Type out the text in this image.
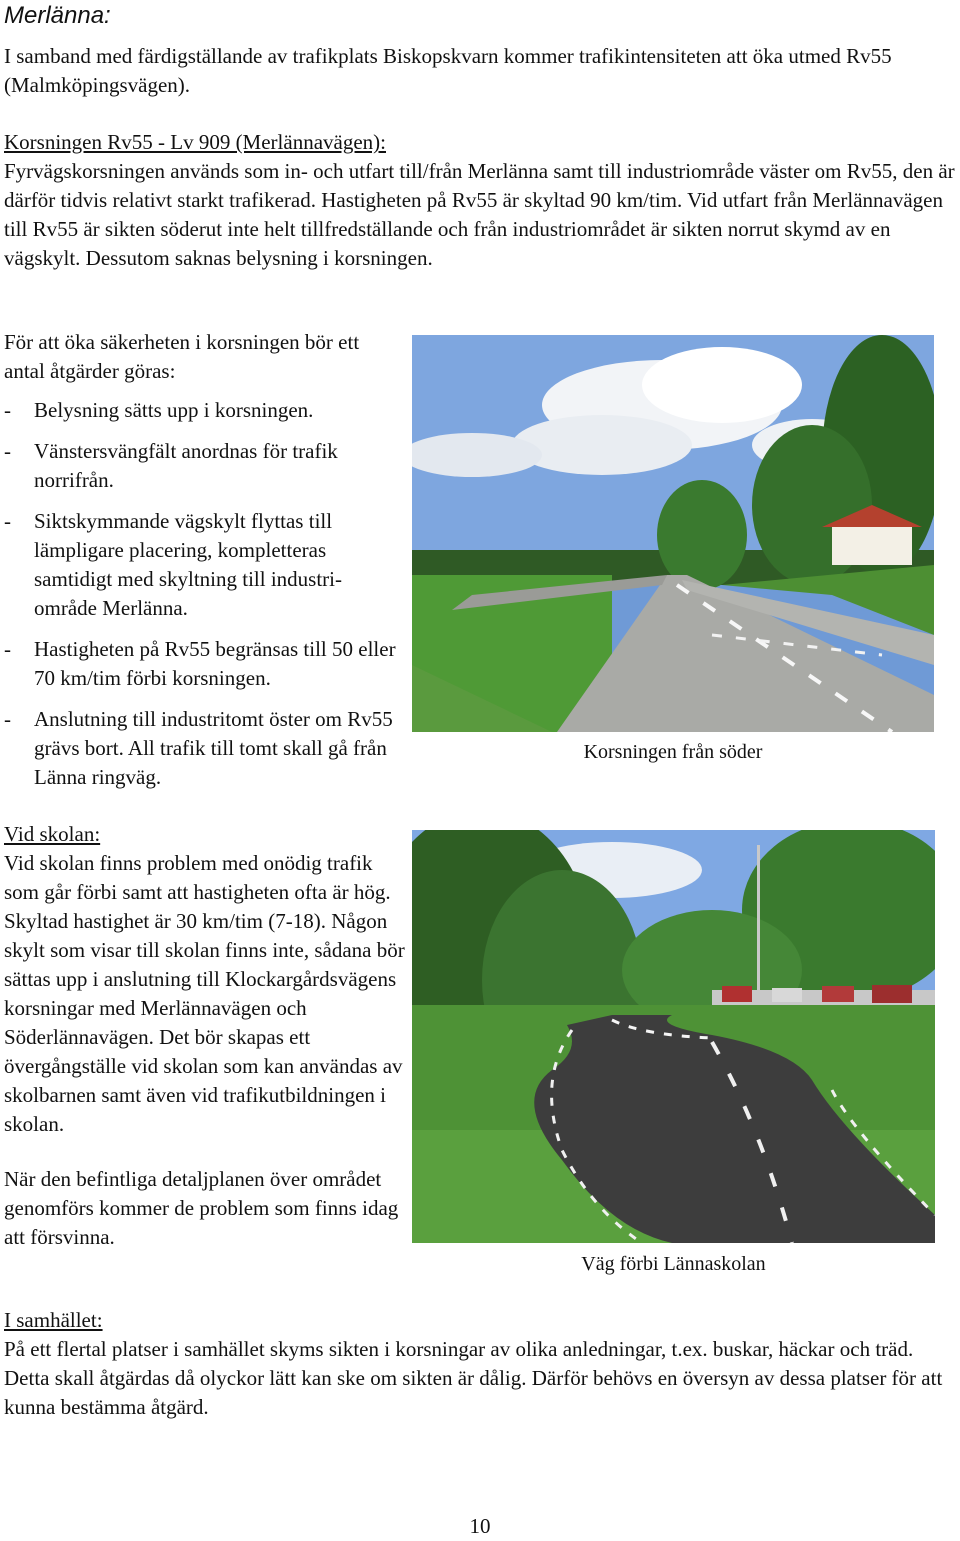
Merlänna:

I samband med färdigställande av trafikplats Biskopskvarn kommer trafikintensiteten att öka utmed Rv55 (Malmköpingsvägen).

Korsningen Rv55 - Lv 909 (Merlännavägen):

Fyrvägskorsningen används som in- och utfart till/från Merlänna samt till industriområde väster om Rv55, den är därför tidvis relativt starkt trafikerad. Hastigheten på Rv55 är skyltad 90 km/tim. Vid utfart från Merlännavägen till Rv55 är sikten söderut inte helt tillfredställande och från industriområdet är sikten norrut skymd av en vägskylt. Dessutom saknas belysning i korsningen.

För att öka säkerheten i korsningen bör ett antal åtgärder göras:

- Belysning sätts upp i korsningen.
- Vänstersvängfält anordnas för trafik norrifrån.
- Siktskymmande vägskylt flyttas till lämpligare placering, kompletteras samtidigt med skyltning till industri-område Merlänna.
- Hastigheten på Rv55 begränsas till 50 eller 70 km/tim förbi korsningen.
- Anslutning till industritomt öster om Rv55 grävs bort. All trafik till tomt skall gå från Länna ringväg.
Korsningen från söder

Vid skolan:

Vid skolan finns problem med onödig trafik som går förbi samt att hastigheten ofta är hög. Skyltad hastighet är 30 km/tim (7-18). Någon skylt som visar till skolan finns inte, sådana bör sättas upp i anslutning till Klockargårdsvägens korsningar med Merlännavägen och Söderlännavägen. Det bör skapas ett övergångställe vid skolan som kan användas av skolbarnen samt även vid trafikutbildningen i skolan.

När den befintliga detaljplanen över området genomförs kommer de problem som finns idag att försvinna.

Väg förbi Lännaskolan

I samhället:

På ett flertal platser i samhället skyms sikten i korsningar av olika anledningar, t.ex. buskar, häckar och träd. Detta skall åtgärdas då olyckor lätt kan ske om sikten är dålig. Därför behövs en översyn av dessa platser för att kunna bestämma åtgärd.

10
